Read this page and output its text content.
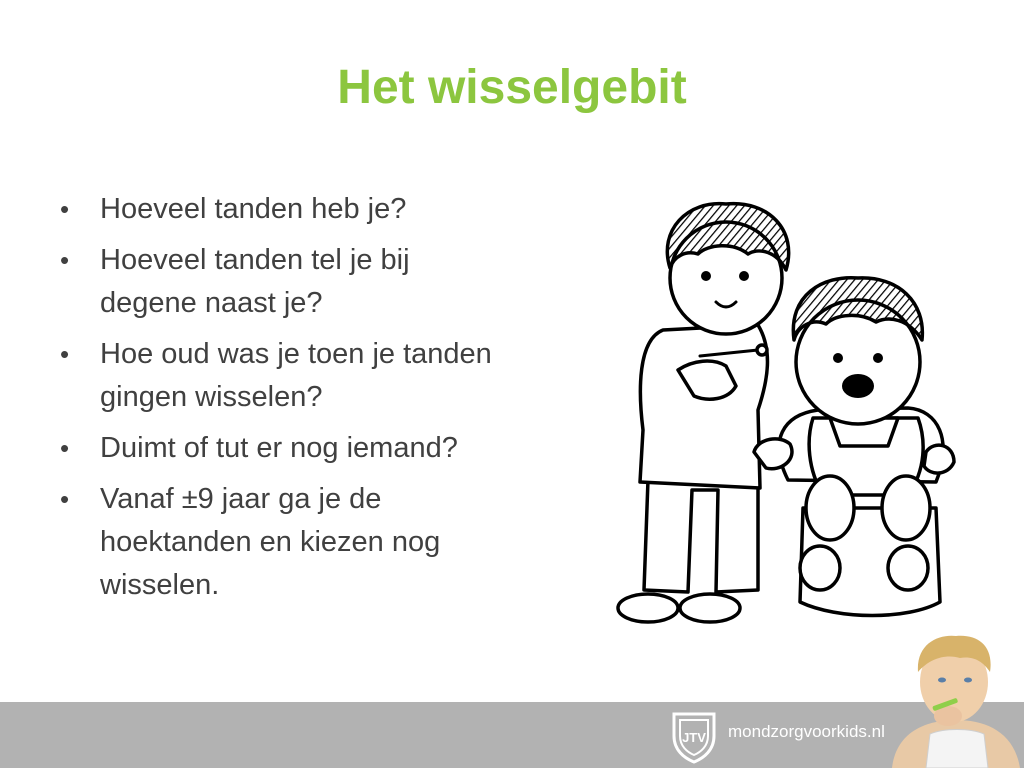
Het wisselgebit
• Hoeveel tanden heb je?
• Hoeveel tanden tel je bij degene naast je?
• Hoe oud was je toen je tanden gingen wisselen?
• Duimt of tut er nog iemand?
• Vanaf ±9 jaar ga je de hoektanden en kiezen nog wisselen.
JTV mondzorgvoorkids.nl
